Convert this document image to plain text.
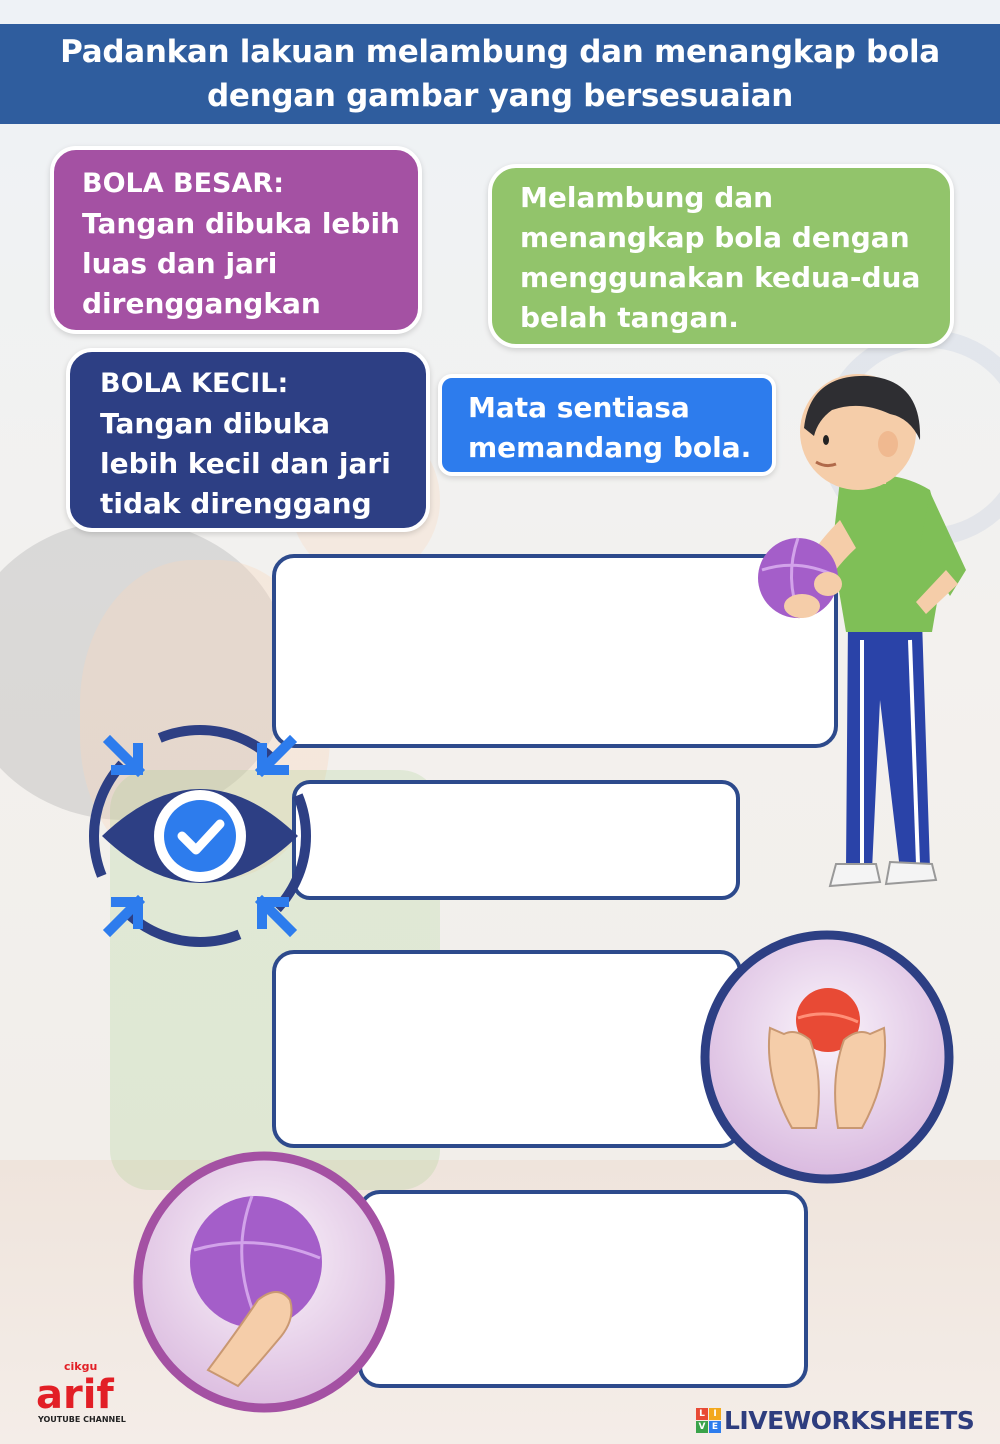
Padankan lakuan melambung dan menangkap bola
dengan gambar yang bersesuaian
BOLA BESAR:
Tangan dibuka lebih
luas dan jari
direnggangkan
Melambung dan
menangkap bola dengan
menggunakan kedua-dua
belah tangan.
BOLA KECIL:
Tangan dibuka
lebih kecil dan jari
tidak direnggang
Mata sentiasa
memandang bola.
cikgu
arif
YOUTUBE CHANNEL
L I
V E LIVEWORKSHEETS
